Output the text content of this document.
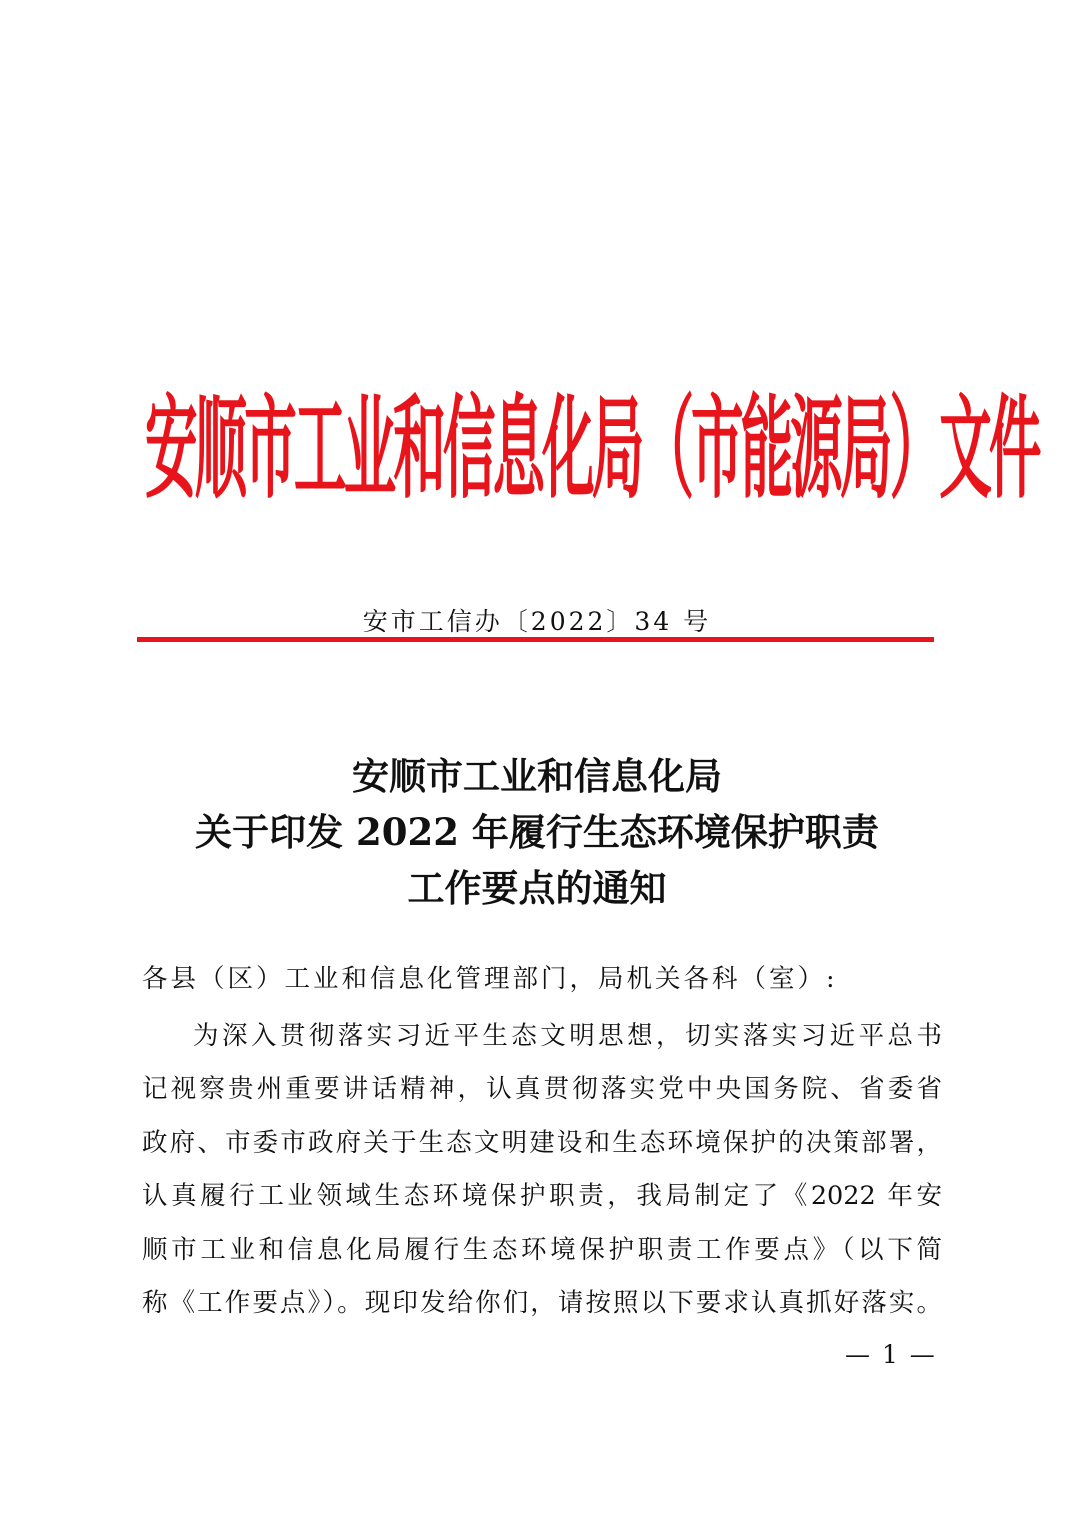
安顺市工业和信息化局（市能源局）文件
安市工信办〔2022〕34 号
安顺市工业和信息化局
关于印发 2022 年履行生态环境保护职责
工作要点的通知
各县（区）工业和信息化管理部门，局机关各科（室）:
为深入贯彻落实习近平生态文明思想，切实落实习近平总书
记视察贵州重要讲话精神，认真贯彻落实党中央国务院、省委省
政府、市委市政府关于生态文明建设和生态环境保护的决策部署，
认真履行工业领域生态环境保护职责，我局制定了《2022 年安
顺市工业和信息化局履行生态环境保护职责工作要点》（以下简
称《工作要点》）。现印发给你们，请按照以下要求认真抓好落实。
— 1 —
